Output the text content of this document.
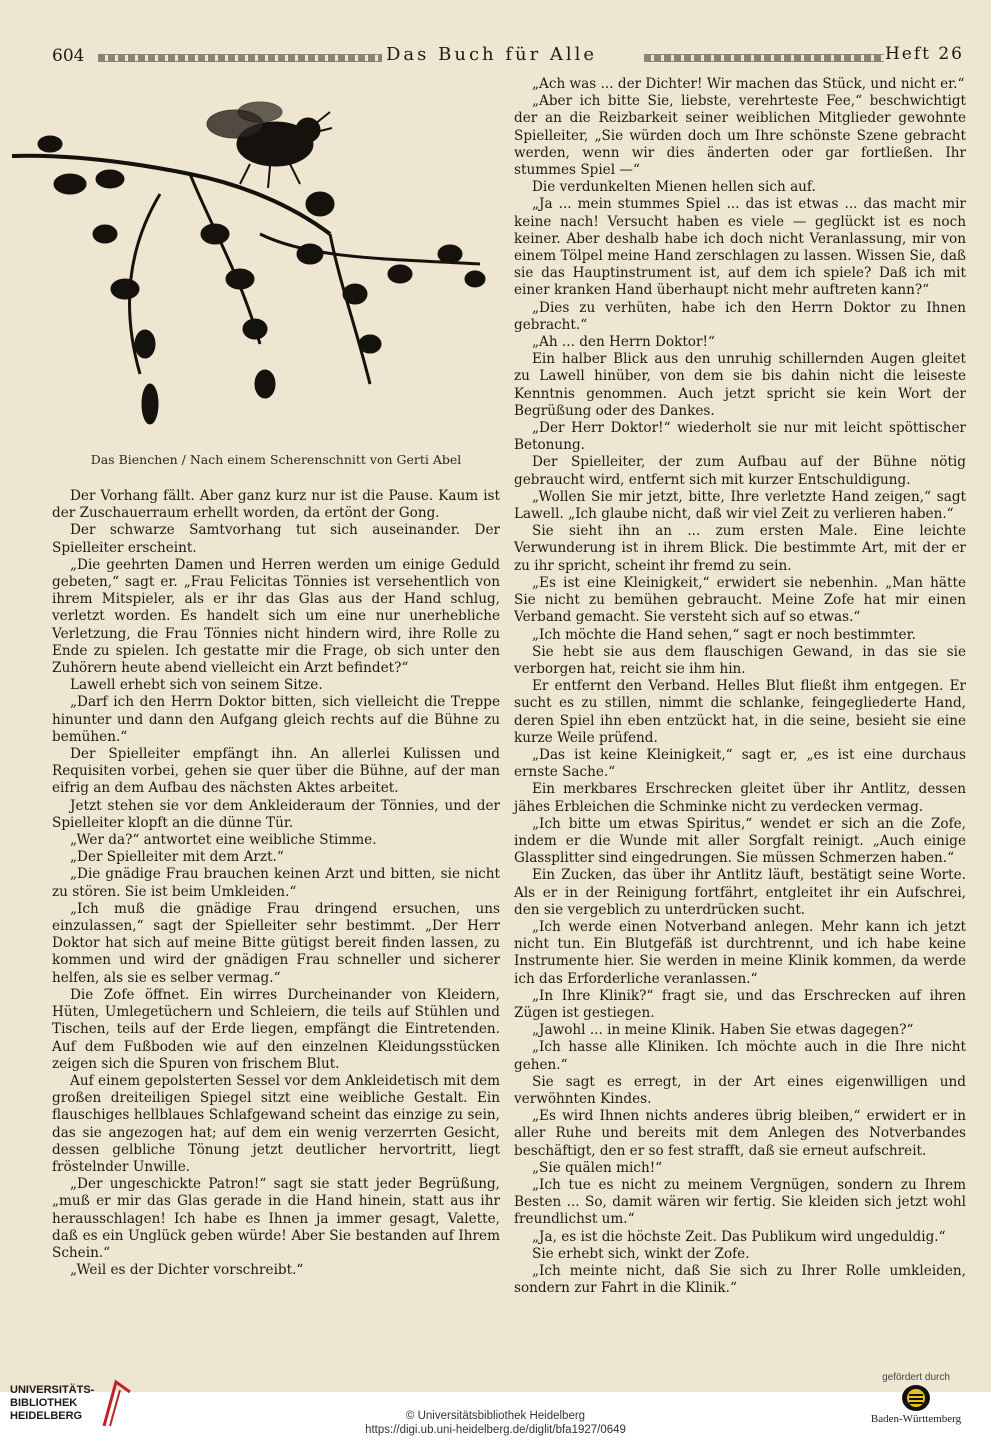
604	Das Buch für Alle	Heft 26
Das Bienchen / Nach einem Scherenschnitt von Gerti Abel

Der Vorhang fällt. Aber ganz kurz nur ist die Pause. Kaum ist der Zuschauerraum erhellt worden, da ertönt der Gong.

Der schwarze Samtvorhang tut sich auseinander. Der Spielleiter erscheint.

„Die geehrten Damen und Herren werden um einige Geduld gebeten,“ sagt er. „Frau Felicitas Tönnies ist versehentlich von ihrem Mitspieler, als er ihr das Glas aus der Hand schlug, verletzt worden. Es handelt sich um eine nur unerhebliche Verletzung, die Frau Tönnies nicht hindern wird, ihre Rolle zu Ende zu spielen. Ich gestatte mir die Frage, ob sich unter den Zuhörern heute abend vielleicht ein Arzt befindet?“

Lawell erhebt sich von seinem Sitze.

„Darf ich den Herrn Doktor bitten, sich vielleicht die Treppe hinunter und dann den Aufgang gleich rechts auf die Bühne zu bemühen.“

Der Spielleiter empfängt ihn. An allerlei Kulissen und Requisiten vorbei, gehen sie quer über die Bühne, auf der man eifrig an dem Aufbau des nächsten Aktes arbeitet.

Jetzt stehen sie vor dem Ankleideraum der Tönnies, und der Spielleiter klopft an die dünne Tür.

„Wer da?“ antwortet eine weibliche Stimme.

„Der Spielleiter mit dem Arzt.“

„Die gnädige Frau brauchen keinen Arzt und bitten, sie nicht zu stören. Sie ist beim Umkleiden.“

„Ich muß die gnädige Frau dringend ersuchen, uns einzulassen,“ sagt der Spielleiter sehr bestimmt. „Der Herr Doktor hat sich auf meine Bitte gütigst bereit finden lassen, zu kommen und wird der gnädigen Frau schneller und sicherer helfen, als sie es selber vermag.“

Die Zofe öffnet. Ein wirres Durcheinander von Kleidern, Hüten, Umlegetüchern und Schleiern, die teils auf Stühlen und Tischen, teils auf der Erde liegen, empfängt die Eintretenden. Auf dem Fußboden wie auf den einzelnen Kleidungsstücken zeigen sich die Spuren von frischem Blut.

Auf einem gepolsterten Sessel vor dem Ankleidetisch mit dem großen dreiteiligen Spiegel sitzt eine weibliche Gestalt. Ein flauschiges hellblaues Schlafgewand scheint das einzige zu sein, das sie angezogen hat; auf dem ein wenig verzerrten Gesicht, dessen gelbliche Tönung jetzt deutlicher hervortritt, liegt fröstelnder Unwille.

„Der ungeschickte Patron!“ sagt sie statt jeder Begrüßung, „muß er mir das Glas gerade in die Hand hinein, statt aus ihr herausschlagen! Ich habe es Ihnen ja immer gesagt, Valette, daß es ein Unglück geben würde! Aber Sie bestanden auf Ihrem Schein.“

„Weil es der Dichter vorschreibt.“

„Ach was ... der Dichter! Wir machen das Stück, und nicht er.“

„Aber ich bitte Sie, liebste, verehrteste Fee,“ beschwichtigt der an die Reizbarkeit seiner weiblichen Mitglieder gewohnte Spielleiter, „Sie würden doch um Ihre schönste Szene gebracht werden, wenn wir dies änderten oder gar fortließen. Ihr stummes Spiel —“

Die verdunkelten Mienen hellen sich auf.

„Ja ... mein stummes Spiel ... das ist etwas ... das macht mir keine nach! Versucht haben es viele — geglückt ist es noch keiner. Aber deshalb habe ich doch nicht Veranlassung, mir von einem Tölpel meine Hand zerschlagen zu lassen. Wissen Sie, daß sie das Hauptinstrument ist, auf dem ich spiele? Daß ich mit einer kranken Hand überhaupt nicht mehr auftreten kann?“

„Dies zu verhüten, habe ich den Herrn Doktor zu Ihnen gebracht.“

„Ah ... den Herrn Doktor!“

Ein halber Blick aus den unruhig schillernden Augen gleitet zu Lawell hinüber, von dem sie bis dahin nicht die leiseste Kenntnis genommen. Auch jetzt spricht sie kein Wort der Begrüßung oder des Dankes.

„Der Herr Doktor!“ wiederholt sie nur mit leicht spöttischer Betonung.

Der Spielleiter, der zum Aufbau auf der Bühne nötig gebraucht wird, entfernt sich mit kurzer Entschuldigung.

„Wollen Sie mir jetzt, bitte, Ihre verletzte Hand zeigen,“ sagt Lawell. „Ich glaube nicht, daß wir viel Zeit zu verlieren haben.“

Sie sieht ihn an ... zum ersten Male. Eine leichte Verwunderung ist in ihrem Blick. Die bestimmte Art, mit der er zu ihr spricht, scheint ihr fremd zu sein.

„Es ist eine Kleinigkeit,“ erwidert sie nebenhin. „Man hätte Sie nicht zu bemühen gebraucht. Meine Zofe hat mir einen Verband gemacht. Sie versteht sich auf so etwas.“

„Ich möchte die Hand sehen,“ sagt er noch bestimmter.

Sie hebt sie aus dem flauschigen Gewand, in das sie sie verborgen hat, reicht sie ihm hin.

Er entfernt den Verband. Helles Blut fließt ihm entgegen. Er sucht es zu stillen, nimmt die schlanke, feingegliederte Hand, deren Spiel ihn eben entzückt hat, in die seine, besieht sie eine kurze Weile prüfend.

„Das ist keine Kleinigkeit,“ sagt er, „es ist eine durchaus ernste Sache.“

Ein merkbares Erschrecken gleitet über ihr Antlitz, dessen jähes Erbleichen die Schminke nicht zu verdecken vermag.

„Ich bitte um etwas Spiritus,“ wendet er sich an die Zofe, indem er die Wunde mit aller Sorgfalt reinigt. „Auch einige Glassplitter sind eingedrungen. Sie müssen Schmerzen haben.“

Ein Zucken, das über ihr Antlitz läuft, bestätigt seine Worte. Als er in der Reinigung fortfährt, entgleitet ihr ein Aufschrei, den sie vergeblich zu unterdrücken sucht.

„Ich werde einen Notverband anlegen. Mehr kann ich jetzt nicht tun. Ein Blutgefäß ist durchtrennt, und ich habe keine Instrumente hier. Sie werden in meine Klinik kommen, da werde ich das Erforderliche veranlassen.“

„In Ihre Klinik?“ fragt sie, und das Erschrecken auf ihren Zügen ist gestiegen.

„Jawohl ... in meine Klinik. Haben Sie etwas dagegen?“

„Ich hasse alle Kliniken. Ich möchte auch in die Ihre nicht gehen.“

Sie sagt es erregt, in der Art eines eigenwilligen und verwöhnten Kindes.

„Es wird Ihnen nichts anderes übrig bleiben,“ erwidert er in aller Ruhe und bereits mit dem Anlegen des Notverbandes beschäftigt, den er so fest strafft, daß sie erneut aufschreit.

„Sie quälen mich!“

„Ich tue es nicht zu meinem Vergnügen, sondern zu Ihrem Besten ... So, damit wären wir fertig. Sie kleiden sich jetzt wohl freundlichst um.“

„Ja, es ist die höchste Zeit. Das Publikum wird ungeduldig.“

Sie erhebt sich, winkt der Zofe.

„Ich meinte nicht, daß Sie sich zu Ihrer Rolle umkleiden, sondern zur Fahrt in die Klinik.“

UNIVERSITÄTS-
BIBLIOTHEK
HEIDELBERG	© Universitätsbibliothek Heidelberg
https://digi.ub.uni-heidelberg.de/diglit/bfa1927/0649
gefördert durch
Baden-Württemberg
